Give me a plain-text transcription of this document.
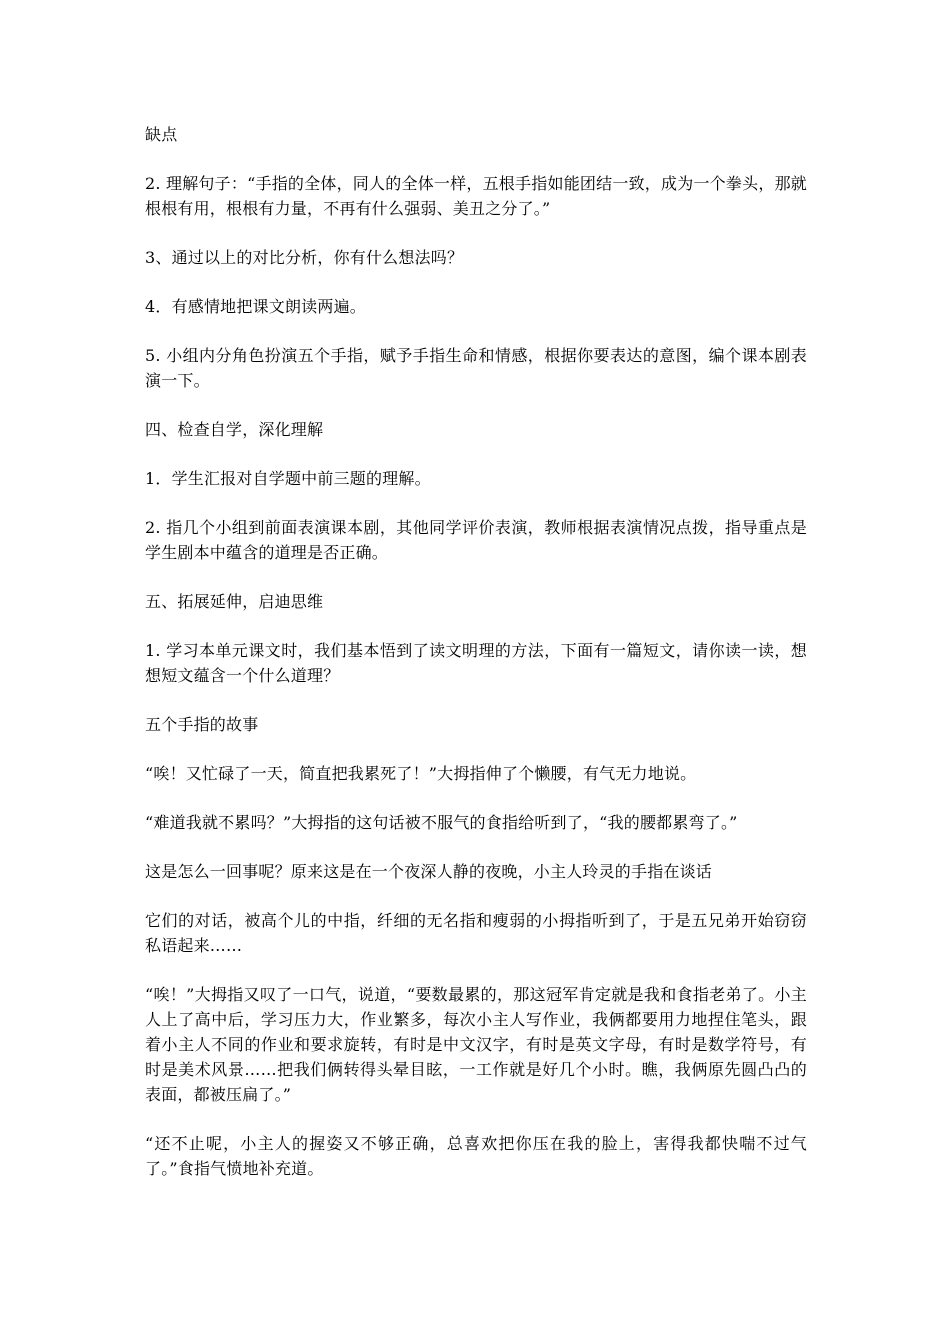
缺点

2. 理解句子：“手指的全体，同人的全体一样，五根手指如能团结一致，成为一个拳头，那就根根有用，根根有力量，不再有什么强弱、美丑之分了。”

3、通过以上的对比分析，你有什么想法吗？

4．有感情地把课文朗读两遍。

5. 小组内分角色扮演五个手指，赋予手指生命和情感，根据你要表达的意图，编个课本剧表演一下。

四、检查自学，深化理解

1．学生汇报对自学题中前三题的理解。

2. 指几个小组到前面表演课本剧，其他同学评价表演，教师根据表演情况点拨，指导重点是学生剧本中蕴含的道理是否正确。

五、拓展延伸，启迪思维

1. 学习本单元课文时，我们基本悟到了读文明理的方法，下面有一篇短文，请你读一读，想想短文蕴含一个什么道理？

五个手指的故事

“唉！又忙碌了一天，简直把我累死了！”大拇指伸了个懒腰，有气无力地说。

“难道我就不累吗？”大拇指的这句话被不服气的食指给听到了，“我的腰都累弯了。”

这是怎么一回事呢？原来这是在一个夜深人静的夜晚，小主人玲灵的手指在谈话

它们的对话，被高个儿的中指，纤细的无名指和瘦弱的小拇指听到了，于是五兄弟开始窃窃私语起来……

“唉！”大拇指又叹了一口气，说道，“要数最累的，那这冠军肯定就是我和食指老弟了。小主人上了高中后，学习压力大，作业繁多，每次小主人写作业，我俩都要用力地捏住笔头，跟着小主人不同的作业和要求旋转，有时是中文汉字，有时是英文字母，有时是数学符号，有时是美术风景……把我们俩转得头晕目眩，一工作就是好几个小时。瞧，我俩原先圆凸凸的表面，都被压扁了。”

“还不止呢，小主人的握姿又不够正确，总喜欢把你压在我的脸上，害得我都快喘不过气了。”食指气愤地补充道。
